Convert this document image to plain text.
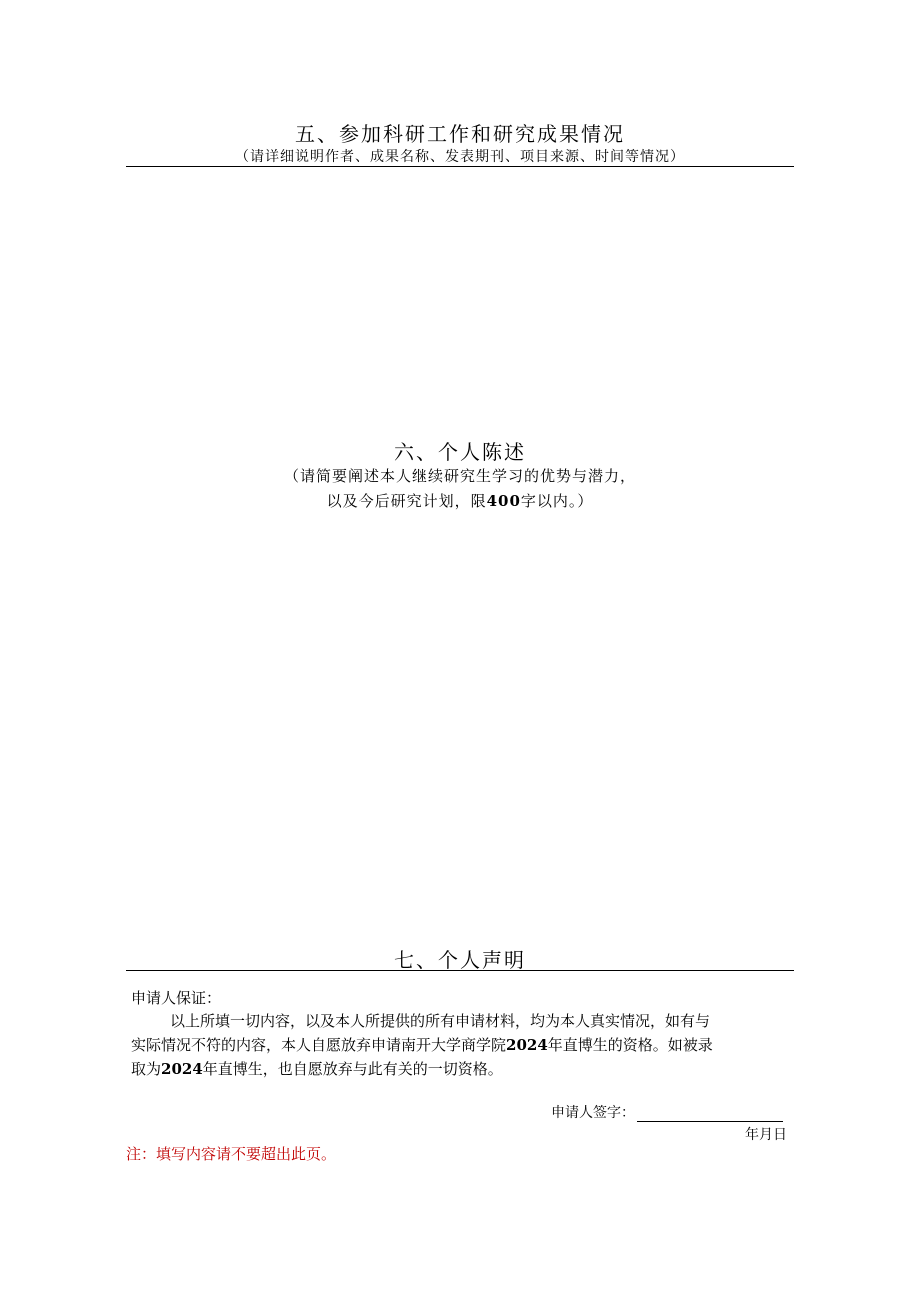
五、参加科研工作和研究成果情况
（请详细说明作者、成果名称、发表期刊、项目来源、时间等情况）
六、个人陈述
（请简要阐述本人继续研究生学习的优势与潜力，
以及今后研究计划，限400字以内。）
七、个人声明
申请人保证：
以上所填一切内容，以及本人所提供的所有申请材料，均为本人真实情况，如有与
实际情况不符的内容，本人自愿放弃申请南开大学商学院2024年直博生的资格。如被录
取为2024年直博生，也自愿放弃与此有关的一切资格。
申请人签字：
年月日
注：填写内容请不要超出此页。
